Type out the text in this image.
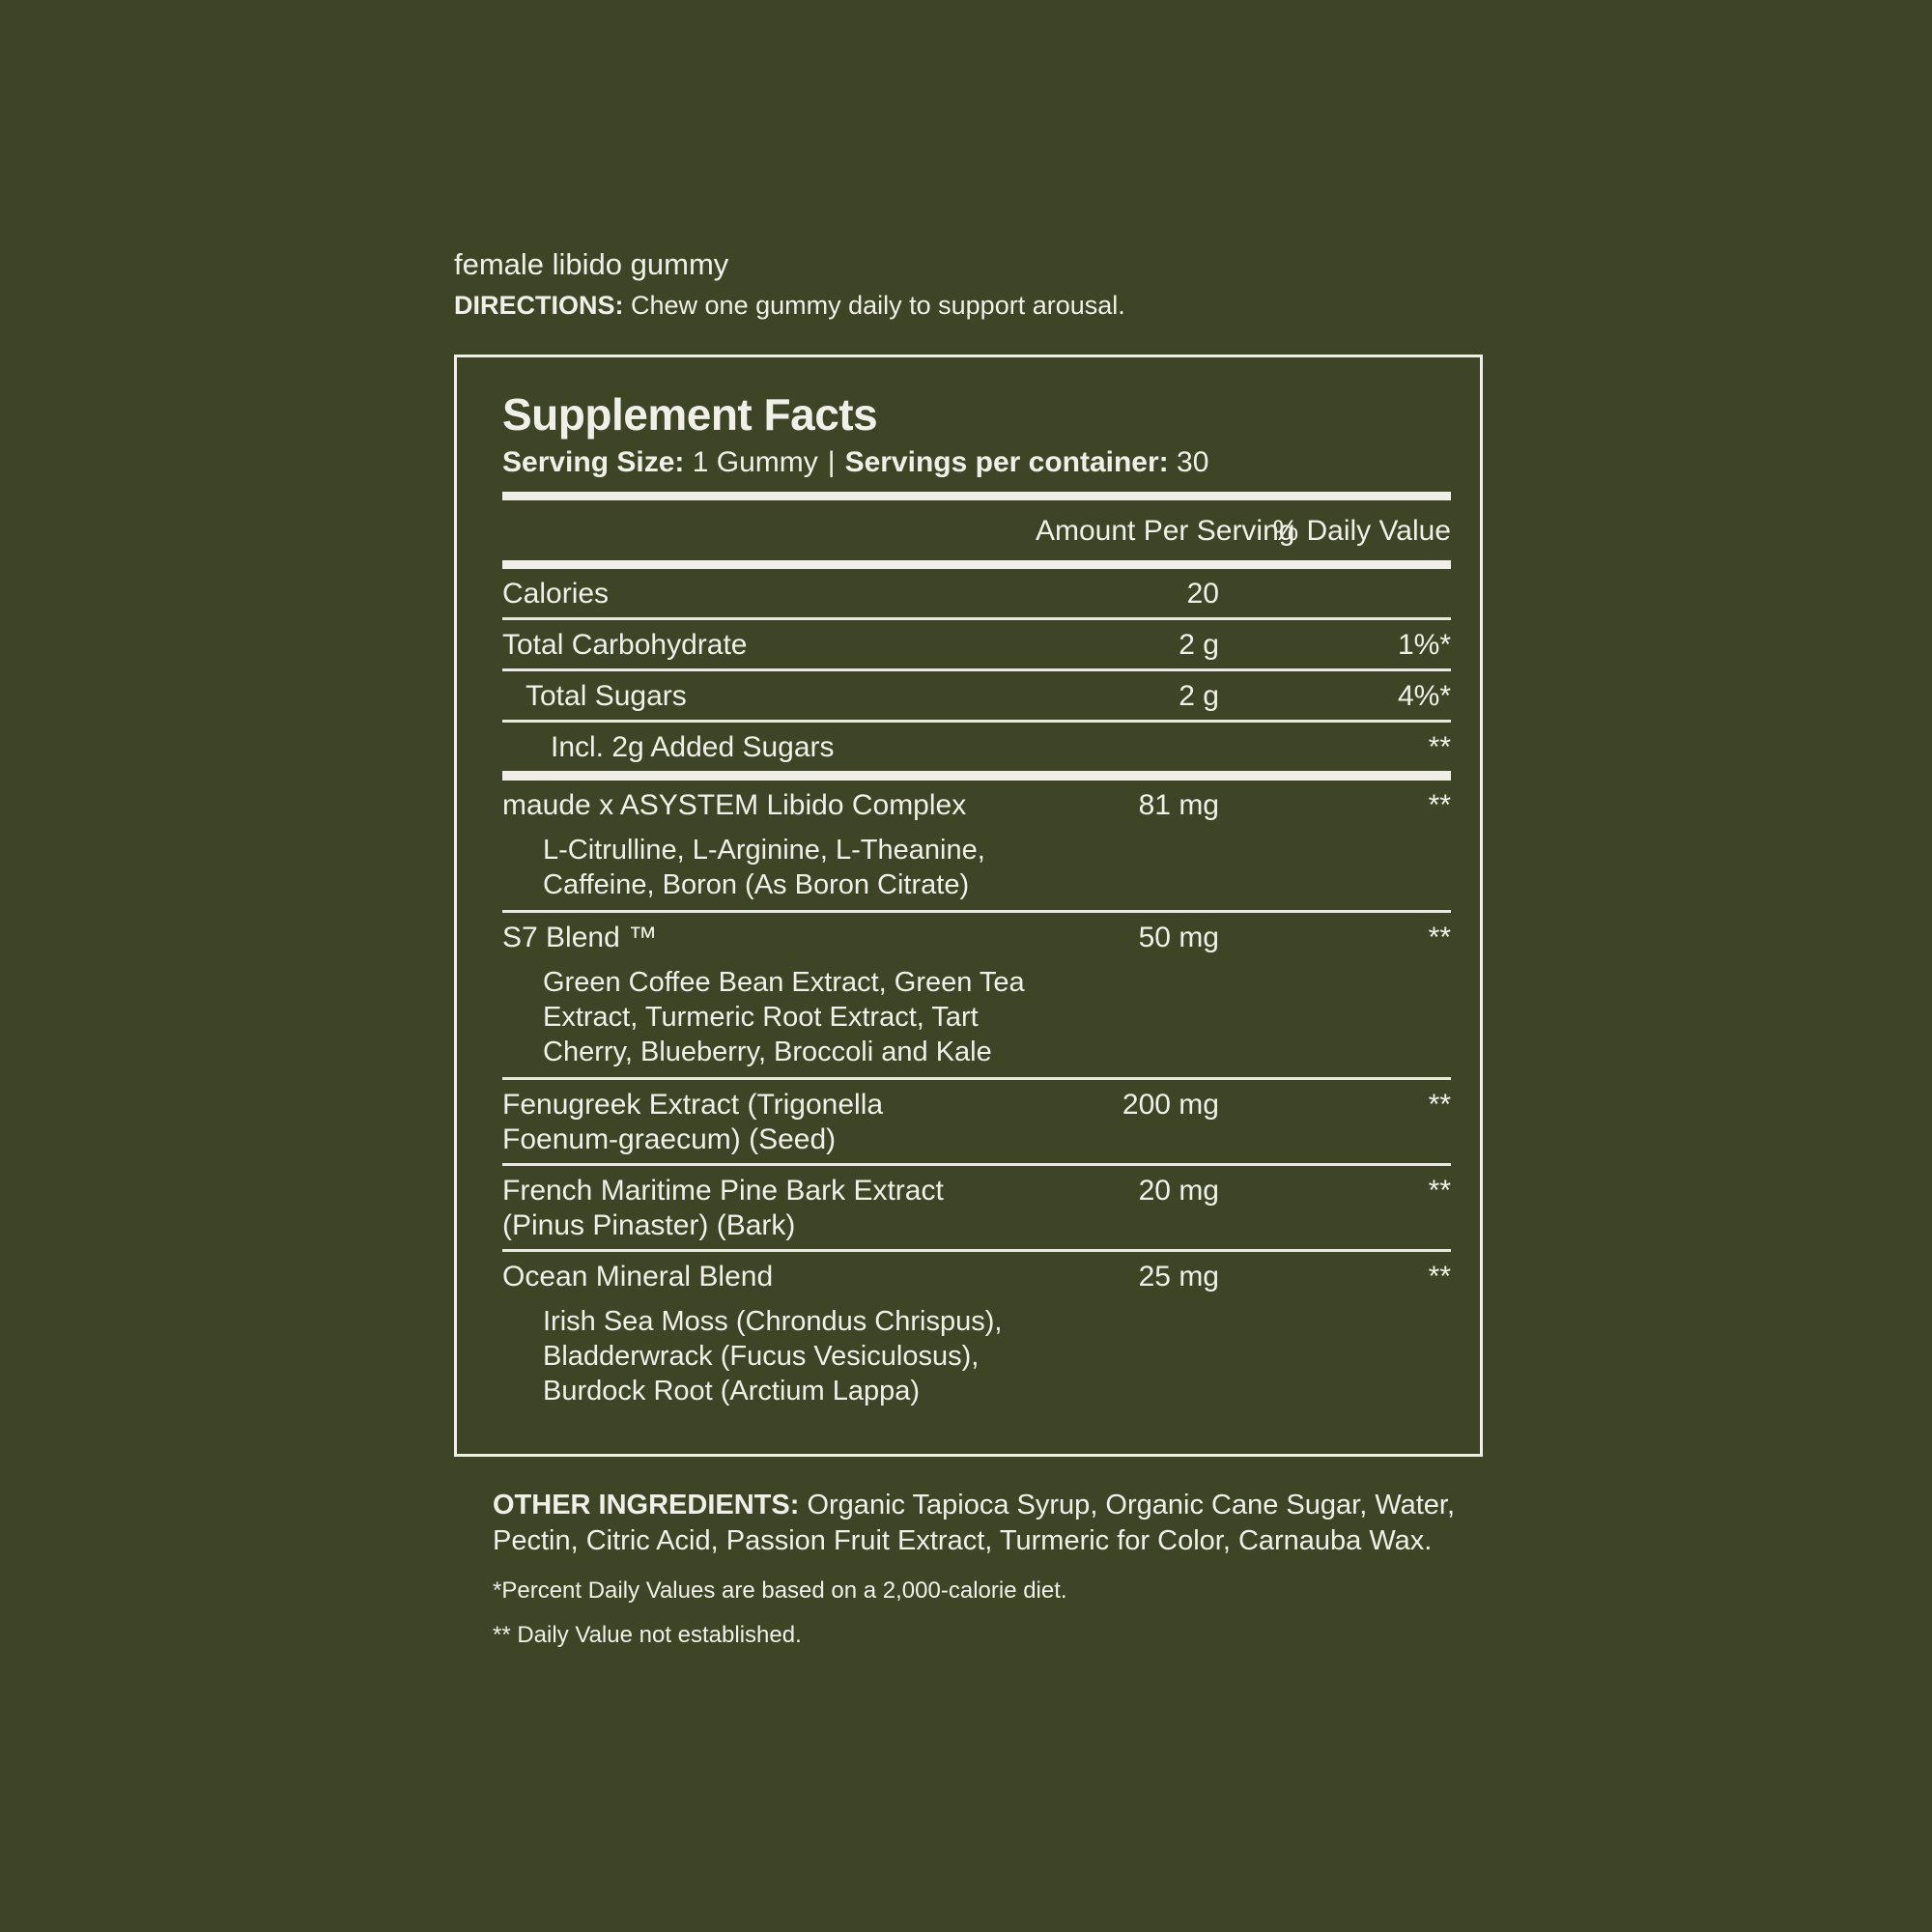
female libido gummy
DIRECTIONS: Chew one gummy daily to support arousal.
Supplement Facts
Serving Size: 1 Gummy | Servings per container: 30
Amount Per Serving
% Daily Value
Calories	20
Total Carbohydrate	2 g	1%*
Total Sugars	2 g	4%*
Incl. 2g Added Sugars	**
maude x ASYSTEM Libido Complex	81 mg	**
L-Citrulline, L-Arginine, L-Theanine,
Caffeine, Boron (As Boron Citrate)
S7 Blend ™	50 mg	**
Green Coffee Bean Extract, Green Tea
Extract, Turmeric Root Extract, Tart
Cherry, Blueberry, Broccoli and Kale
Fenugreek Extract (Trigonella
Foenum-graecum) (Seed)
200 mg	**
French Maritime Pine Bark Extract
(Pinus Pinaster) (Bark)
20 mg	**
Ocean Mineral Blend	25 mg	**
Irish Sea Moss (Chrondus Chrispus),
Bladderwrack (Fucus Vesiculosus),
Burdock Root (Arctium Lappa)
OTHER INGREDIENTS: Organic Tapioca Syrup, Organic Cane Sugar, Water,
Pectin, Citric Acid, Passion Fruit Extract, Turmeric for Color, Carnauba Wax.
*Percent Daily Values are based on a 2,000-calorie diet.
** Daily Value not established.
